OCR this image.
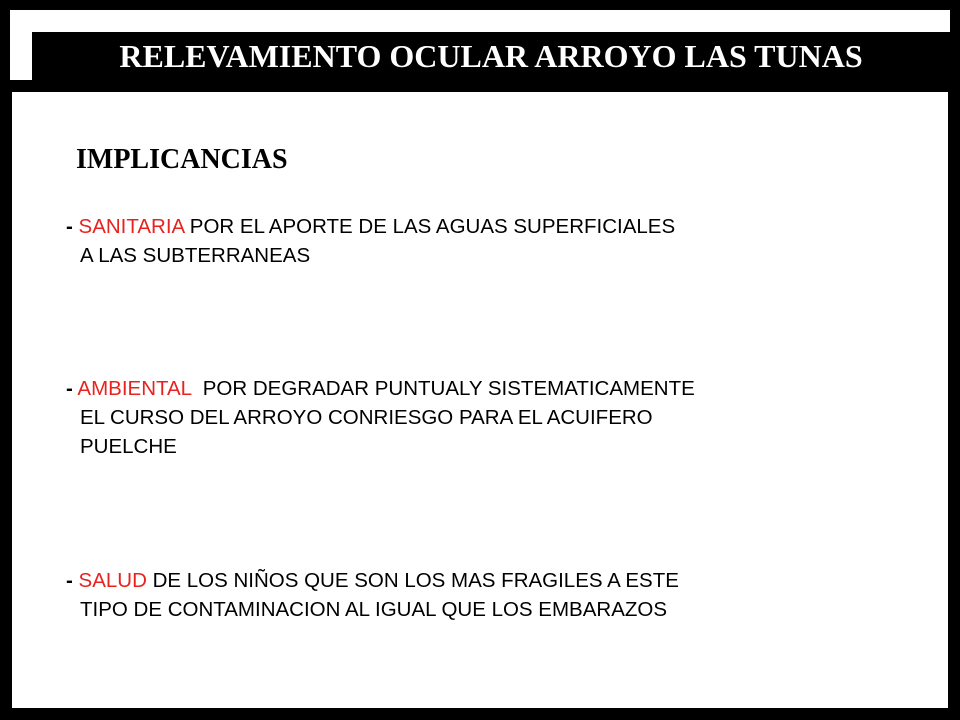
RELEVAMIENTO OCULAR ARROYO LAS TUNAS
IMPLICANCIAS
- SANITARIA POR EL APORTE DE LAS AGUAS SUPERFICIALES
A LAS SUBTERRANEAS
- AMBIENTAL  POR DEGRADAR PUNTUALY SISTEMATICAMENTE
EL CURSO DEL ARROYO CONRIESGO PARA EL ACUIFERO
PUELCHE
- SALUD DE LOS NIÑOS QUE SON LOS MAS FRAGILES A ESTE
TIPO DE CONTAMINACION AL IGUAL QUE LOS EMBARAZOS
